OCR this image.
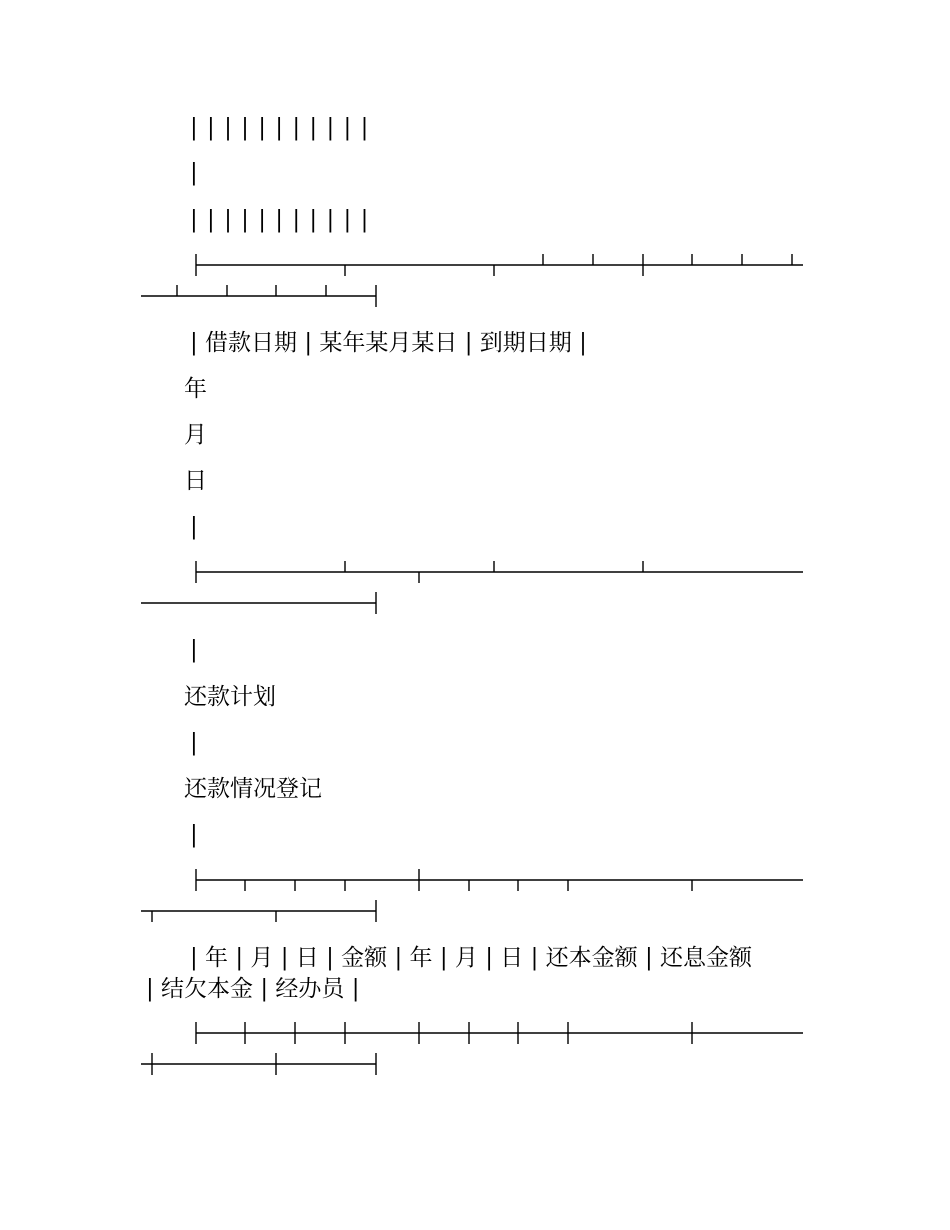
| | | | | | | | | | |
|
| | | | | | | | | | |
| 借款日期 | 某年某月某日 | 到期日期 |
年
月
日
|
|
还款计划
|
还款情况登记
|
| 年 | 月 | 日 | 金额 | 年 | 月 | 日 | 还本金额 | 还息金额
| 结欠本金 | 经办员 |
